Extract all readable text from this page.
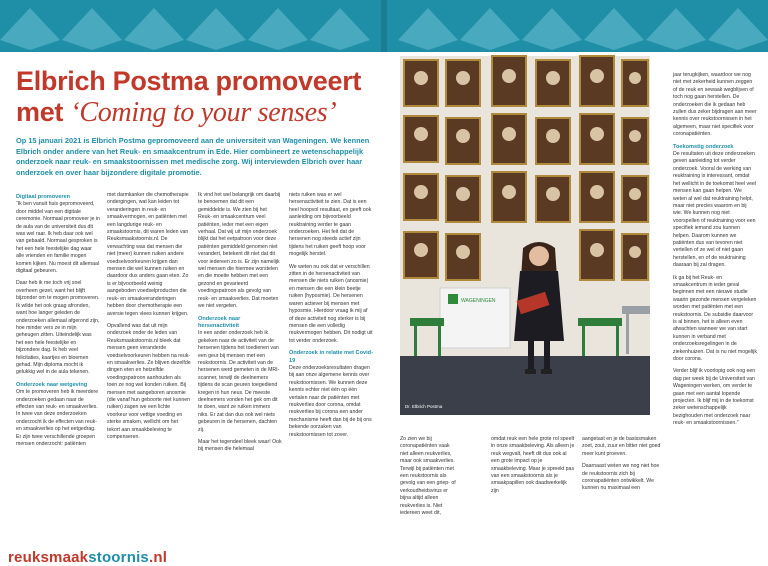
Elbrich Postma promoveert
met ‘Coming to your senses’

Op 15 januari 2021 is Elbrich Postma gepromoveerd aan de universiteit van Wageningen. We kennen Elbrich onder andere van het Reuk- en smaakcentrum in Ede. Hier combineert ze wetenschappelijk onderzoek naar reuk- en smaakstoornissen met medische zorg. Wij interviewden Elbrich over haar onderzoek en over haar bijzondere digitale promotie.

Digitaal promoveren

“Ik ben vanuit huis gepromoveerd, door middel van een digitale ceremonie. Normaal promoveer je in de aula van de universiteit dus dit was wel raar. Ik heb daar ook wel van gebaald. Normaal gesproken is het een hele feestelijke dag waar alle vrienden en familie mogen komen kijken. Nu moest dit allemaal digitaal gebeuren.

Daar heb ik me toch vrij snel overheen gezet, want het blijft bijzonder om te mogen promoveren. Ik wilde het ook graag afronden, want hoe langer geleden de onderzoeken allemaal afgerond zijn, hoe minder vers ze in mijn geheugen zitten. Uiteindelijk was het een hele feestelijke en bijzondere dag. Ik heb veel felicitaties, kaartjes en bloemen gehad. Mijn diploma mocht ik gelukkig wel in de aula tekenen.

Onderzoek naar wetgeving

Om te promoveren heb ik meerdere onderzoeken gedaan naar de effecten van reuk- en smaakverlies. In twee van deze onderzoeken onderzocht ik de effecten van reuk- en smaakverlies op het eetgedrag. Er zijn twee verschillende groepen mensen onderzocht: patiënten

met darmkanker die chemotherapie ondergingen, wat kan leiden tot veranderingen in reuk- en smaakvermogen, en patiënten met een langdurige reuk- en smaakstoornis, dit waren leden van Reuksmaakstoornis.nl. De verwachting was dat mensen die niet (meer) kunnen ruiken andere voedselvoorkeuren krijgen dan mensen die wel kunnen ruiken en daardoor dus anders gaan eten. Zo is er bijvoorbeeld weinig aangeboden voedselproducten die reuk- en smaakveranderingen hebben door chemotherapie een aversie tegen vlees kunnen krijgen.

Opvallend was dat uit mijn onderzoek onder de leden van Reuksmaakstoornis.nl bleek dat mensen geen veranderde voedselvoorkeuren hebben na reuk- en smaakverlies. Ze blijven dezelfde dingen eten en hetzelfde voedingspatroon aanhouden als toen ze nog wel konden ruiken. Bij mensen met aangeboren anosmie (die vanaf hun geboorte niet kunnen ruiken) zagen we een lichte voorkeur voor vettige voeding en sterke smaken, wellicht om het tekort aan smaakbeleving te compenseren.

Ik vind het wel belangrijk om daarbij te benoemen dat dit een gemiddelde is. We zien bij het Reuk- en smaakcentrum veel patiënten, ieder met een eigen verhaal. Dat wij uit mijn onderzoek blijkt dat het eetpatroon voor deze patiënten gemiddeld genomen niet verandert, betekent dit niet dat dit voor iedereen zo is. Er zijn namelijk wel mensen die hiermee worstelen en die moeite hebben met een gezond en gevarieerd voedingspatroon als gevolg van reuk- en smaakverlies. Dat moeten we niet vergeten.

Onderzoek naar hersenactiviteit

In een ander onderzoek heb ik gekeken naar de activiteit van de hersenen tijdens het toedienen van een geur bij mensen met een reukstoornis. De activiteit van de hersenen werd gemeten in de MRI-scanner, terwijl de deelnemers tijdens de scan geuren toegediend kregen in hun neus. De meeste deelnemers vonden het gek om dit te doen, want ze ruiken immers niks. Er zat dan dus ook wel niets gebeuren in de hersenen, dachten zij.

Maar het tegendeel bleek waar! Ook bij mensen die helemaal

niets ruiken was er wel hersenactiviteit te zien. Dat is een heel hoopvol resultaat, en geeft ook aanleiding om bijvoorbeeld reuktraining verder te gaan onderzoeken. Het feit dat de hersenen nog steeds actief zijn tijdens het ruiken geeft hoop voor mogelijk herstel.

We weten nu ook dat er verschillen zitten in de hersenactiviteit van mensen die niets ruiken (anosmie) en mensen die een klein beetje ruiken (hyposmie). De hersenen waren actiever bij mensen met hyposmie. Hierdoor vraag ik mij af of deze activiteit nog sterker is bij mensen die een volledig reukvermogen hebben. Dit nodigt uit tot verder onderzoek.

Onderzoek in relatie met Covid-19

Deze onderzoeksresultaten dragen bij aan onze algemene kennis over reukstoornissen. We kunnen deze kennis echter niet één op één vertalen naar de patiënten met reukverlies door corona, omdat reukverlies bij corona een ander mechanisme heeft dan bij de bij ons bekende oorzaken van reukstoornissen tot zover.

reuksmaakstoornis.nl
WAGENINGEN
Dr. Elbrich Postma

Zo zien we bij coronapatiënten vaak niet alleen reukverlies, maar ook smaakverlies. Terwijl bij patiënten met een reukstoornis als gevolg van een griep- of verkoudheidsvirus er bijna altijd alleen reukverlies is. Niet iedereen weet dit,

omdat reuk een hele grote rol speelt in onze smaakbeleving. Als alleen je reuk wegvalt, heeft dit dus ook al een grote impact op je smaakbeleving. Maar je spreekt pas van een smaakstoornis als je smaakpapillen ook daadwerkelijk zijn

aangetast en je de basissmaken zoet, zout, zuur en bitter niet goed meer kunt proeven.

Daarnaast weten we nog niet hoe de reukstoornis zich bij coronapatiënten ontwikkelt. We kunnen nu maximaal een

jaar terugkijken, waardoor we nog niet met zekerheid kunnen zeggen of de reuk en sewaak wegblijven of toch nog gaan herstellen. De onderzoeken die ik gedaan heb zullen dus zeker bijdragen aan meer kennis over reukstoornissen in het algemeen, maar niet specifiek voor coronapatiënten.

Toekomstig onderzoek

De resultaten uit deze onderzoeken geven aanleiding tot verder onderzoek. Vooral de werking van reuktraining is interessant, omdat het wellicht in de toekomst heel veel mensen kan gaan helpen. We weten al wel dat reuktraining helpt, maar niet precies waarom en bij wie. We kunnen nog niet voorspellen of reuktraining voor een specifiek iemand zou kunnen helpen. Daarom kunnen we patiënten dus van tevoren niet vertellen of ze wel of niet gaan herstellen, en of de reuktraining daaraan bij zal dragen.

Ik ga bij het Reuk- en smaakcentrum in ieder geval beginnen met een nieuwe studie waarin gezonde mensen vergeleken worden met patiënten met een reukstoornis. De subsidie daarvoor is al binnen, het is alleen even afwachten wanneer we van start kunnen in verband met onderzoeksregelingen in de ziekenhuizen. Dat is nu niet mogelijk door corona.

Verder blijf ik voorlopig ook nog een dag per week bij de Universiteit van Wageningen werken, om verder te gaan met een aantal lopende projecten. Ik blijf mij in de toekomst zeker wetenschappelijk bezighouden met onderzoek naar reuk- en smaakstoornissen.”
